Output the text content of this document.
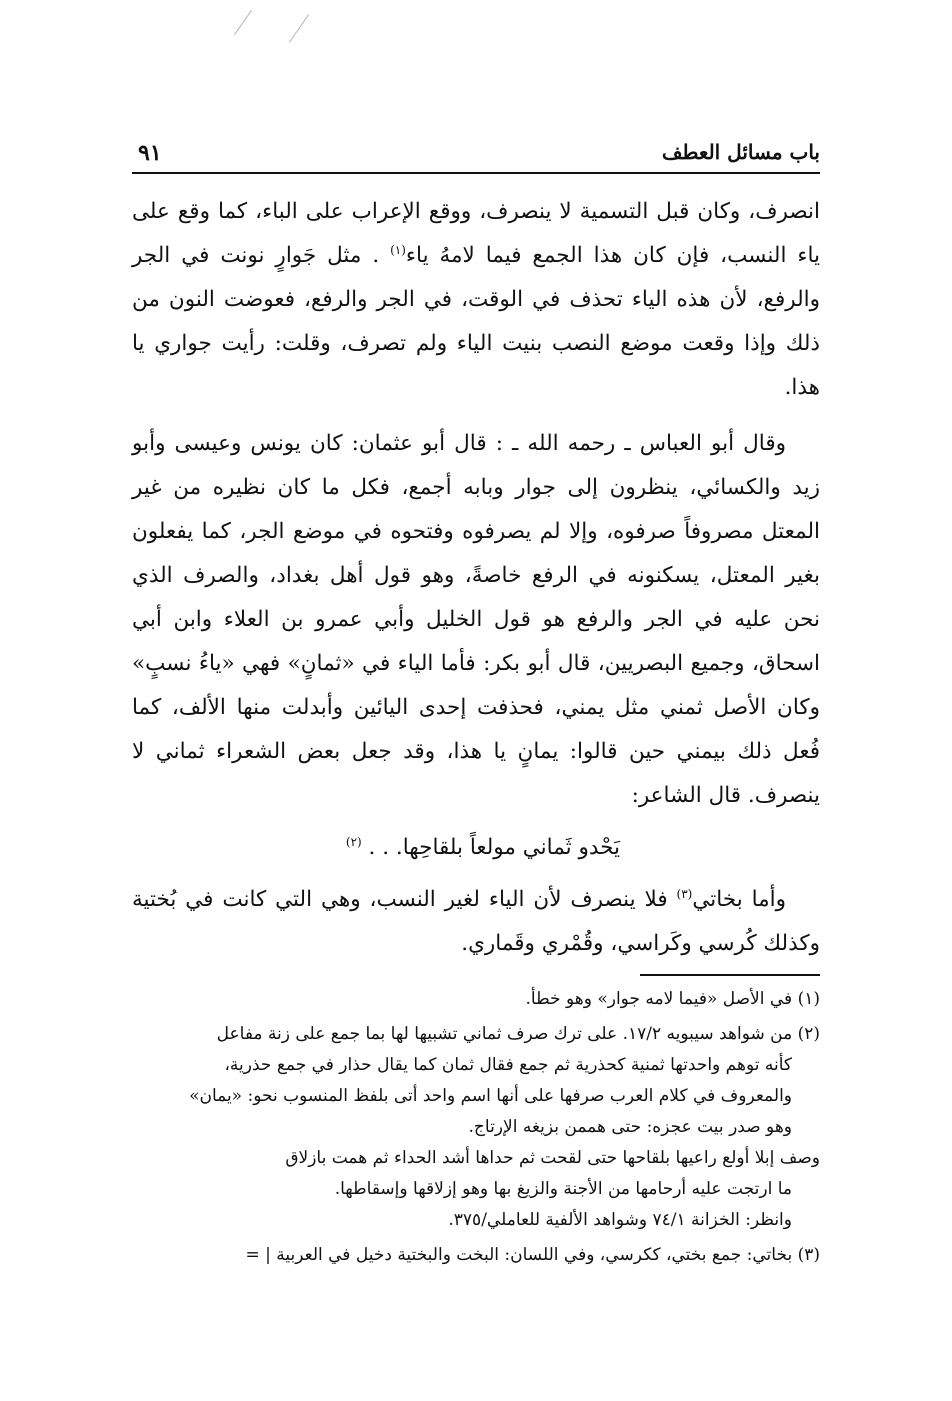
باب مسائل العطف
٩١

انصرف، وكان قبل التسمية لا ينصرف، ووقع الإعراب على الباء، كما وقع على ياء النسب، فإن كان هذا الجمع فيما لامهُ ياء$^{(١)}$ . مثل جَوارٍ نونت في الجر والرفع، لأن هذه الياء تحذف في الوقت، في الجر والرفع، فعوضت النون من ذلك وإذا وقعت موضع النصب بنيت الياء ولم تصرف، وقلت: رأيت جواري يا هذا.

وقال أبو العباس ـ رحمه الله ـ : قال أبو عثمان: كان يونس وعيسى وأبو زيد والكسائي، ينظرون إلى جوار وبابه أجمع، فكل ما كان نظيره من غير المعتل مصروفاً صرفوه، وإلا لم يصرفوه وفتحوه في موضع الجر، كما يفعلون بغير المعتل، يسكنونه في الرفع خاصةً، وهو قول أهل بغداد، والصرف الذي نحن عليه في الجر والرفع هو قول الخليل وأبي عمرو بن العلاء وابن أبي اسحاق، وجميع البصريين، قال أبو بكر: فأما الياء في «ثمانٍ» فهي «ياءُ نسبٍ» وكان الأصل ثمني مثل يمني، فحذفت إحدى اليائين وأبدلت منها الألف، كما فُعل ذلك بيمني حين قالوا: يمانٍ يا هذا، وقد جعل بعض الشعراء ثماني لا ينصرف. قال الشاعر:

يَحْدو ثَماني مولعاً بلقاحِها. . . $^{(٢)}$

وأما بخاتي$^{(٣)}$ فلا ينصرف لأن الياء لغير النسب، وهي التي كانت في بُختية وكذلك كُرسي وكَراسي، وقُمْري وقَماري.

(١) في الأصل «فيما لامه جوار» وهو خطأ.
(٢) من شواهد سيبويه ١٧/٢. على ترك صرف ثماني تشبيها لها بما جمع على زنة مفاعل
كأنه توهم واحدتها ثمنية كحذرية ثم جمع فقال ثمان كما يقال حذار في جمع حذرية،
والمعروف في كلام العرب صرفها على أنها اسم واحد أتى بلفظ المنسوب نحو: «يمان»
وهو صدر بيت عجزه: حتى هممن بزيغه الإرتاج.
وصف إبلا أولع راعيها بلقاحها حتى لقحت ثم حداها أشد الحداء ثم همت بازلاق
ما ارتجت عليه أرحامها من الأجنة والزيغ بها وهو إزلاقها وإسقاطها.
وانظر: الخزانة ٧٤/١ وشواهد الألفية للعاملي/٣٧٥.
(٣) بخاتي: جمع بختي، ككرسي، وفي اللسان: البخت والبختية دخيل في العربية | =
